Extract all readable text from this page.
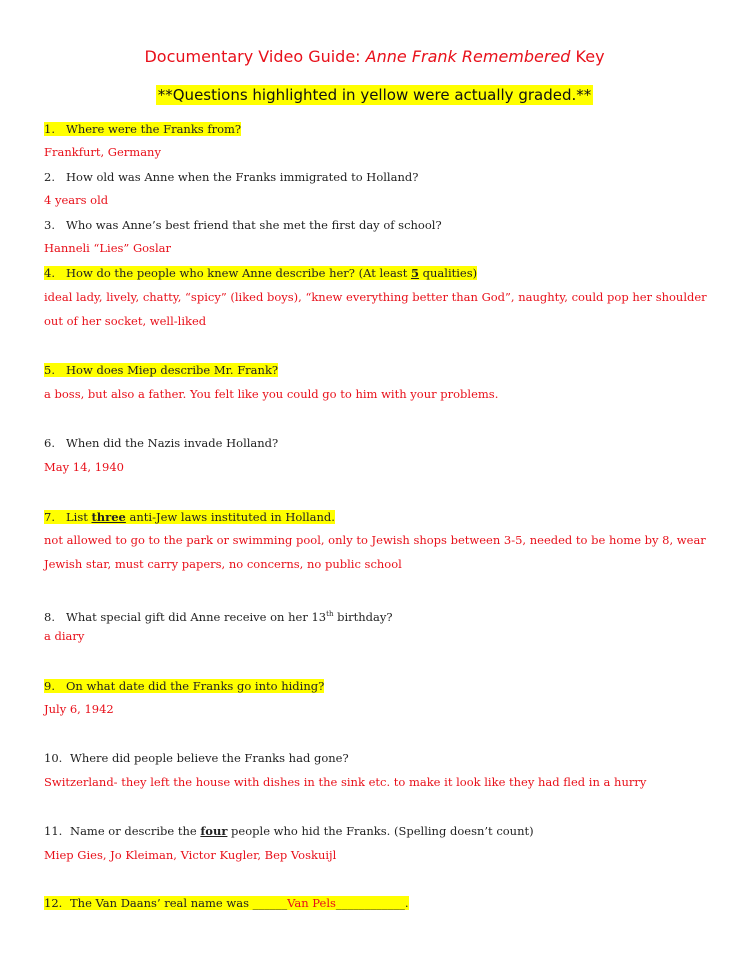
Documentary Video Guide: Anne Frank Remembered Key
**Questions highlighted in yellow were actually graded.**
1. Where were the Franks from?
Frankfurt, Germany
2. How old was Anne when the Franks immigrated to Holland?
4 years old
3. Who was Anne’s best friend that she met the first day of school?
Hanneli “Lies” Goslar
4. How do the people who knew Anne describe her? (At least 5 qualities)
ideal lady, lively, chatty, “spicy” (liked boys), “knew everything better than God”, naughty, could pop her shoulder out of her socket, well-liked
5. How does Miep describe Mr. Frank?
a boss, but also a father. You felt like you could go to him with your problems.
6. When did the Nazis invade Holland?
May 14, 1940
7. List three anti-Jew laws instituted in Holland.
not allowed to go to the park or swimming pool, only to Jewish shops between 3-5, needed to be home by 8, wear Jewish star, must carry papers, no concerns, no public school
8. What special gift did Anne receive on her 13th birthday?
a diary
9. On what date did the Franks go into hiding?
July 6, 1942
10. Where did people believe the Franks had gone?
Switzerland- they left the house with dishes in the sink etc. to make it look like they had fled in a hurry
11. Name or describe the four people who hid the Franks. (Spelling doesn’t count)
Miep Gies, Jo Kleiman, Victor Kugler, Bep Voskuijl
12. The Van Daans’ real name was ______Van Pels____________.
